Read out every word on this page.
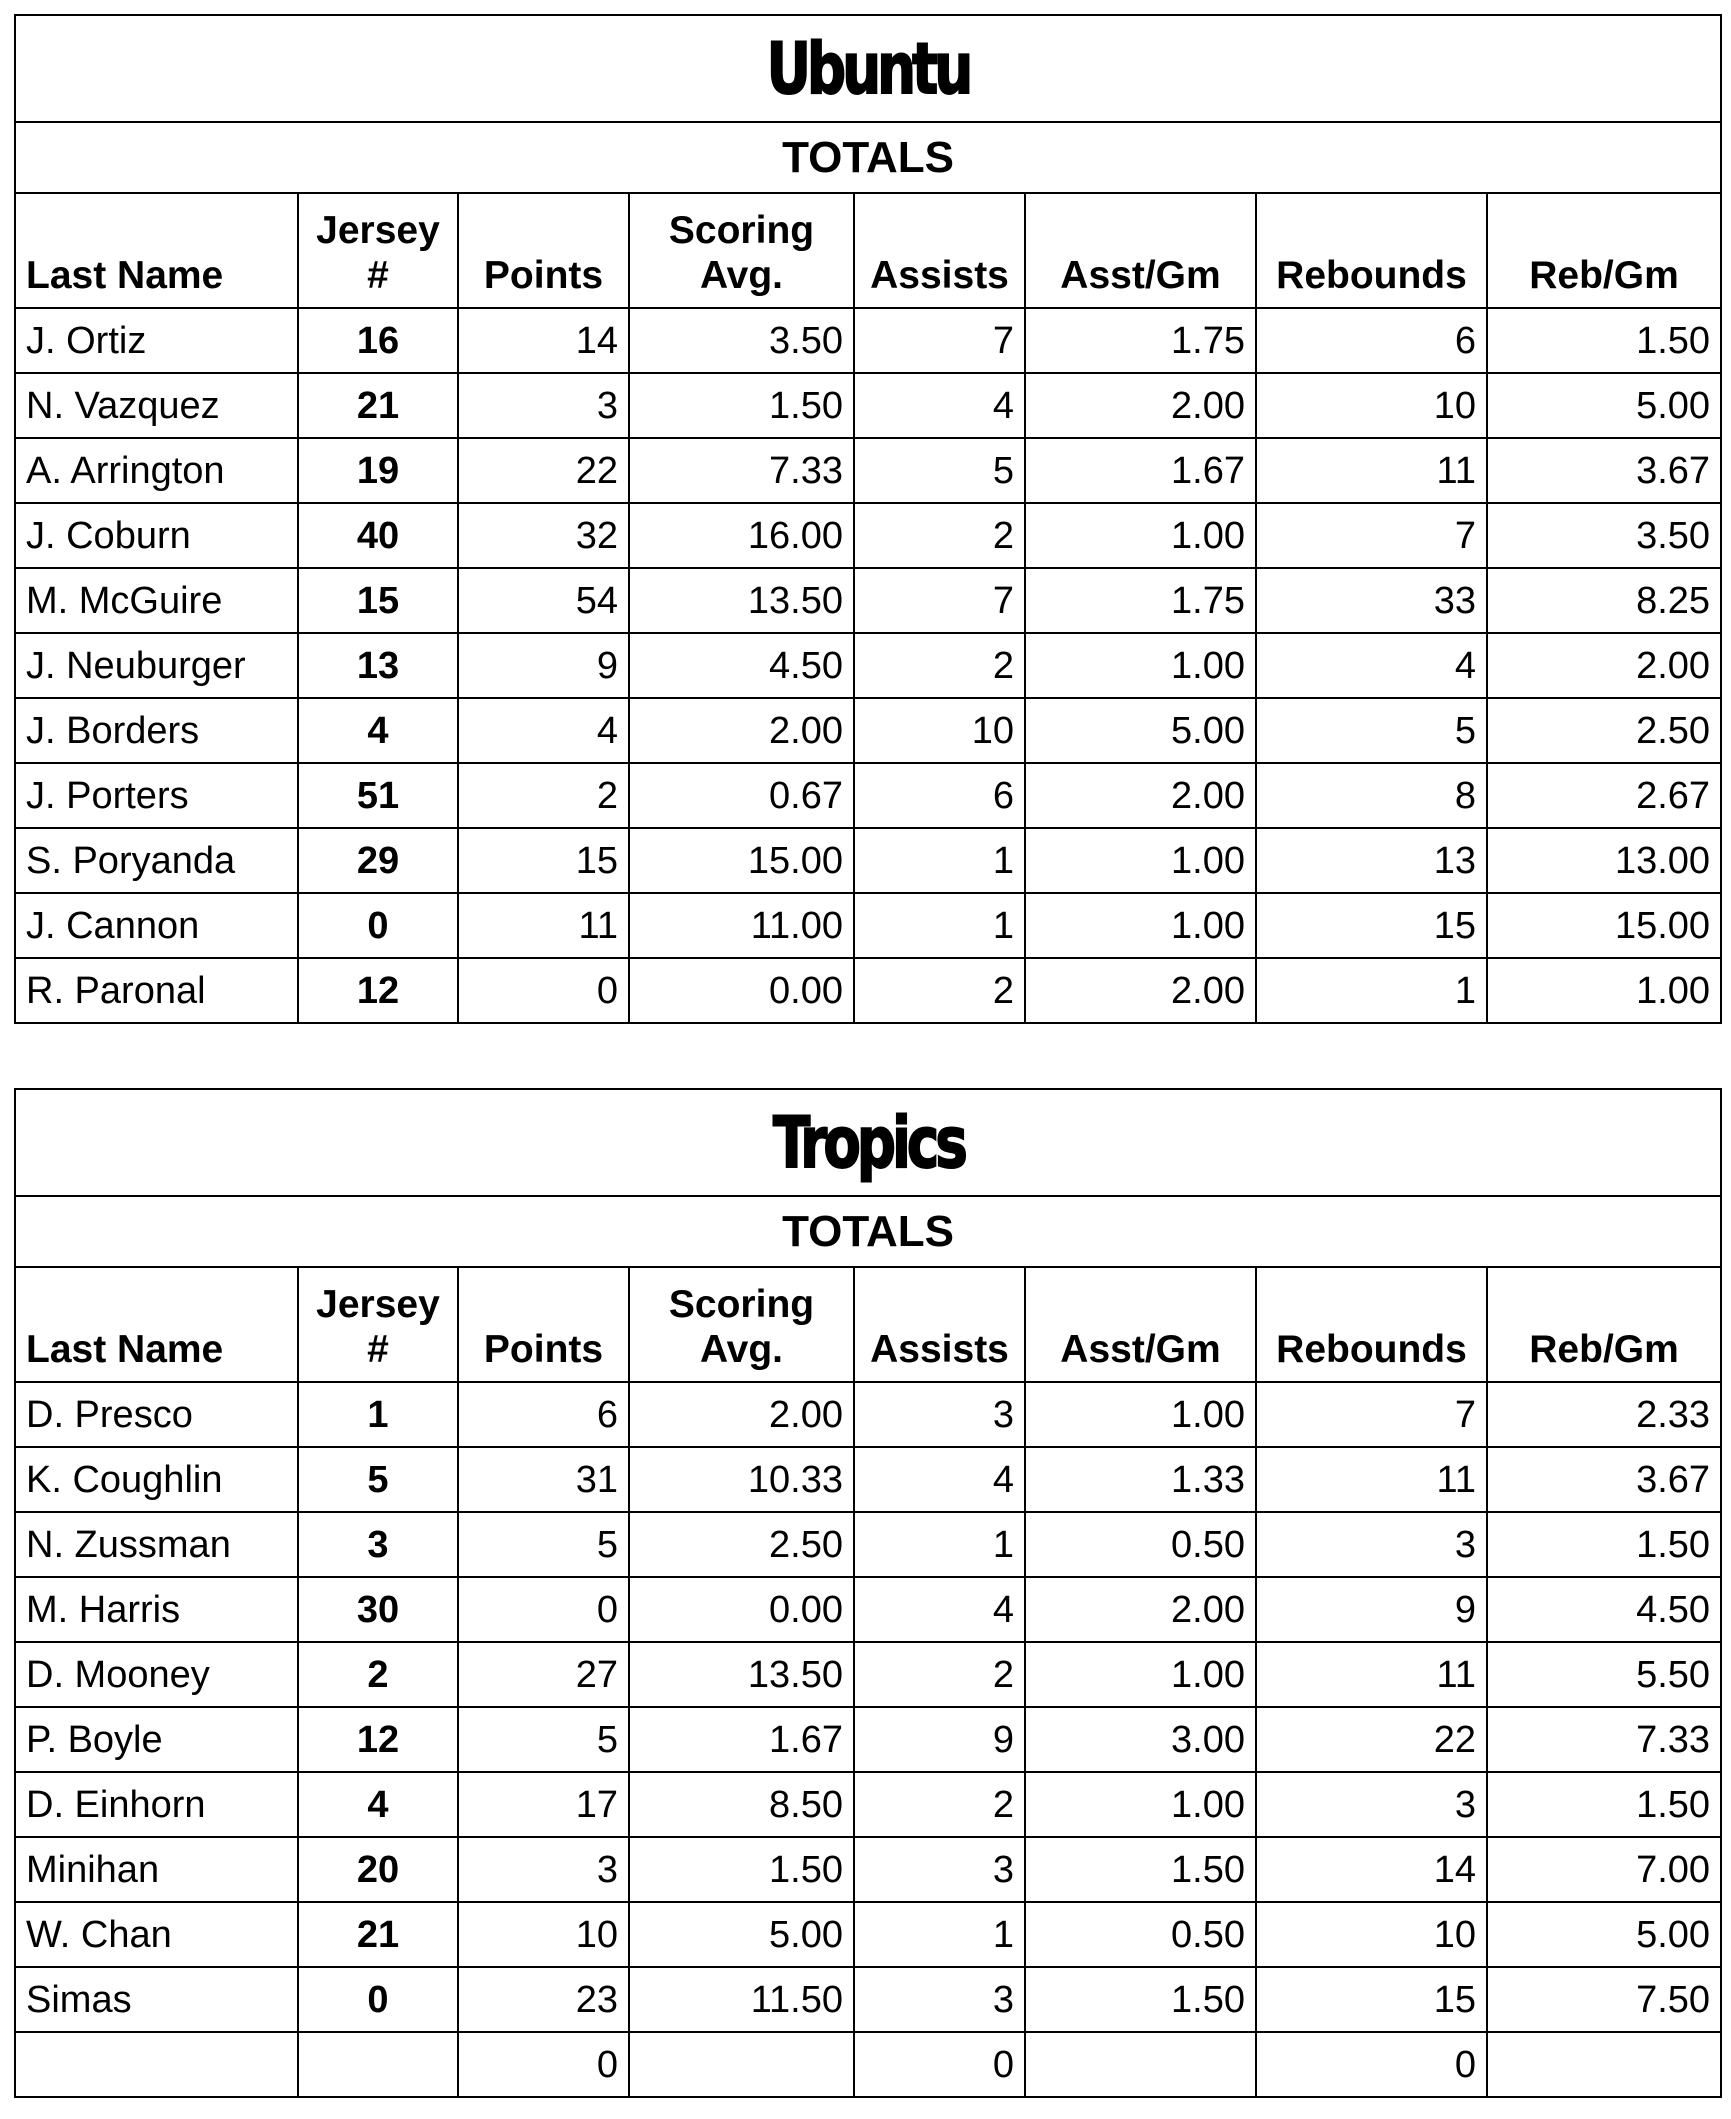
Ubuntu							
TOTALS							
Last Name	Jersey #	Points	Scoring Avg.	Assists	Asst/Gm	Rebounds	Reb/Gm
J. Ortiz	16	14	3.50	7	1.75	6	1.50
N. Vazquez	21	3	1.50	4	2.00	10	5.00
A. Arrington	19	22	7.33	5	1.67	11	3.67
J. Coburn	40	32	16.00	2	1.00	7	3.50
M. McGuire	15	54	13.50	7	1.75	33	8.25
J. Neuburger	13	9	4.50	2	1.00	4	2.00
J. Borders	4	4	2.00	10	5.00	5	2.50
J. Porters	51	2	0.67	6	2.00	8	2.67
S. Poryanda	29	15	15.00	1	1.00	13	13.00
J. Cannon	0	11	11.00	1	1.00	15	15.00
R. Paronal	12	0	0.00	2	2.00	1	1.00
Tropics							
TOTALS							
Last Name	Jersey #	Points	Scoring Avg.	Assists	Asst/Gm	Rebounds	Reb/Gm
D. Presco	1	6	2.00	3	1.00	7	2.33
K. Coughlin	5	31	10.33	4	1.33	11	3.67
N. Zussman	3	5	2.50	1	0.50	3	1.50
M. Harris	30	0	0.00	4	2.00	9	4.50
D. Mooney	2	27	13.50	2	1.00	11	5.50
P. Boyle	12	5	1.67	9	3.00	22	7.33
D. Einhorn	4	17	8.50	2	1.00	3	1.50
Minihan	20	3	1.50	3	1.50	14	7.00
W. Chan	21	10	5.00	1	0.50	10	5.00
Simas	0	23	11.50	3	1.50	15	7.50
		0		0		0	
